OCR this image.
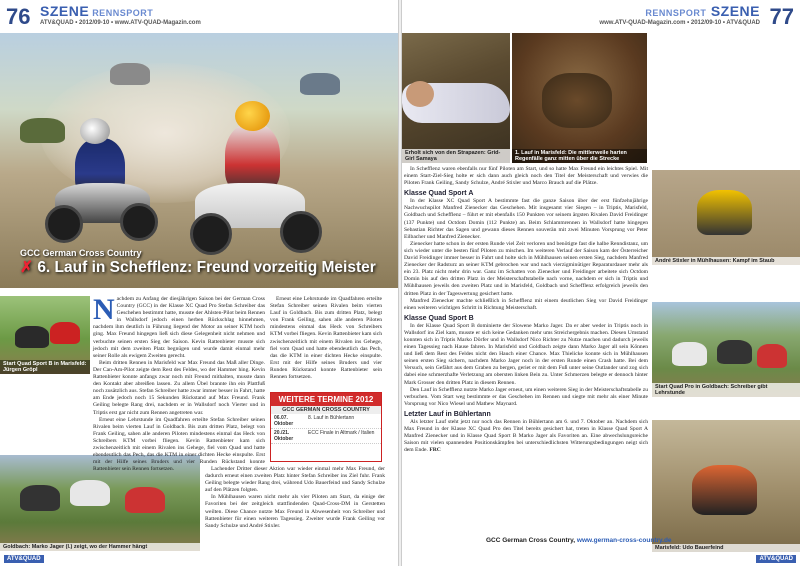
76 SZENE RENNSPORT
ATV&QUAD • 2012/09-10 • www.ATV-QUAD-Magazin.com
GCC German Cross Country
✗ 6. Lauf in Schefflenz: Freund vorzeitig Meister
Start Quad Sport B in Marisfeld: Jürgen Gröpl
Goldbach: Marko Jager (l.) zeigt, wo der Hammer hängt

Nachdem zu Anfang der diesjährigen Saison bei der German Cross Country (GCC) in der Klasse XC Quad Pro Stefan Schreiber das Geschehen bestimmt hatte, musste der Ahlsten-Pilot beim Rennen in Wallsdorf jedoch einen herben Rückschlag hinnehmen, nachdem ihm deutlich in Führung liegend der Motor an seiner KTM hoch ging. Max Freund hingegen ließ sich diese Gelegenheit nicht nehmen und verbuchte seinen ersten Sieg der Saison. Kevin Rattenbieter musste sich jedoch mit dem zweiten Platz begnügen und wurde damit einmal mehr seiner Rolle als ewigem Zweiten gerecht.

Beim dritten Rennen in Marisfeld war Max Freund das Maß aller Dinge. Der Can-Am-Pilot zeigte dem Rest des Feldes, wo der Hammer hing. Kevin Rattenbieter konnte anfangs zwar noch mit Freund mithalten, musste dann den Kontakt aber abreißen lassen. Zu allem Übel brannte ihn ein Plattfuß noch zusätzlich aus. Stefan Schreiber hatte zwar immer besser in Fahrt, hatte am Ende jedoch noch 15 Sekunden Rückstand auf Max Freund. Frank Geiling belegte Rang drei, nachdem er in Wallsdorf noch Vierter und in Triptis erst gar nicht zum Rennen angetreten war.

Erneut eine Lehrstunde im Quadfahren erteilte Stefan Schreiber seinen Rivalen beim vierten Lauf in Goldbach. Bis zum dritten Platz, belegt von Frank Geiling, sahen alle anderen Piloten mindestens einmal das Heck von Schreibers KTM vorbei fliegen. Kevin Rattenbieter kam sich zwischenzeitlich mit einem Rivalen ins Gehege, fiel vom Quad und hatte ebendeutlich das Pech, das die KTM in einer dichten Hecke einspulte. Erst mit der Hilfe seines Bruders und vier Runden Rückstand konnte Rattenbieter sein Rennen fortsetzen.

Erneut eine Lehrstunde im Quadfahren erteilte Stefan Schreiber seinen Rivalen beim vierten Lauf in Goldbach. Bis zum dritten Platz, belegt von Frank Geiling, sahen alle anderen Piloten mindestens einmal das Heck von Schreibers KTM vorbei fliegen. Kevin Rattenbieter kam sich zwischenzeitlich mit einem Rivalen ins Gehege, fiel vom Quad und hatte ebendeutlich das Pech, das die KTM in einer dichten Hecke einspulte. Erst mit der Hilfe seines Bruders und vier Runden Rückstand konnte Rattenbieter sein Rennen fortsetzen.

Lachender Dritter dieser Aktion war wieder einmal mehr Max Freund, der dadurch erneut einen zweiten Platz hinter Stefan Schreiber ins Ziel fuhr. Frank Geiling belegte wieder Rang drei, während Udo Bauerfeind und Sandy Schulze auf den Plätzen folgten.

In Mühlhausen waren nicht mehr als vier Piloten am Start, da einige der Favoriten bei der zeitgleich stattfindenden Quad-Cross-DM in Gerstetten weilten. Diese Chance nutzte Max Freund in Abwesenheit von Schreiber und Rattenbieter für einen weiteren Tagessieg. Zweiter wurde Frank Geiling vor Sandy Schulze und André Stixler.

WEITERE TERMINE 2012
GCC GERMAN CROSS COUNTRY
06.07. Oktober
8. Lauf in Bühlertann
20./21. Oktober
ECC Finale in Altmark / Italien
ATV&QUAD
77
RENNSPORT SZENE
www.ATV-QUAD-Magazin.com • 2012/09-10 • ATV&QUAD
Erholt sich von den Strapazen: Grid-Girl Samaya
1. Lauf in Marisfeld: Die mittlerweile harten Regenfälle ganz mitten über die Strecke
André Stixler in Mühlhausen: Kampf im Staub
Start Quad Pro in Goldbach: Schreiber gibt Lehrstunde
Marisfeld: Udo Bauerfeind

In Schefflenz waren ebenfalls nur fünf Piloten am Start, und so hatte Max Freund ein leichtes Spiel. Mit einem Start-Ziel-Sieg holte er sich dann auch gleich noch den Titel der Meisterschaft und verwies die Piloten Frank Geiling, Sandy Schulze, André Stixler und Marco Brauch auf die Plätze.

Klasse Quad Sport A

In der Klasse XC Quad Sport A bestimmte fast die ganze Saison über der erst fünfzehnjährige Nachwuchspilot Manfred Zienecker das Geschehen. Mit insgesamt vier Siegen – in Triptis, Marisfeld, Goldbach und Schefflenz – führt er mit ebenfalls 150 Punkten vor seinem ärgsten Rivalen David Freidinger (137 Punkte) und Octdom Domin (112 Punkte) an. Beim Schlammrennen in Wallsdorf hatte hingegen Sebastian Richter das Sagen und gewann dieses Rennen souverän mit zwei Minuten Vorsprung vor Peter Eilbacher und Manfred Zienecker.

Zienecker hatte schon in der ersten Runde viel Zeit verloren und benötigte fast die halbe Renndistanz, um sich wieder unter die besten fünf Piloten zu mischen. Im weiteren Verlauf der Saison kam der Österreicher David Freidinger immer besser in Fahrt und holte sich in Mühlhausen seinen ersten Sieg, nachdem Manfred Zienecker der Radsturz an seiner KTM gebrochen war und nach vierzigminütiger Reparaturdauer mehr als ein 23. Platz nicht mehr drin war. Ganz im Schatten von Zienecker und Freidinger arbeitete sich Octdom Domin bis auf den dritten Platz in der Meisterschaftstabelle nach vorne, nachdem er sich in Triptis und Mühlhausen jeweils den zweiten Platz und in Marisfeld, Goldbach und Schefflenz erfolgreich jeweils den dritten Platz in der Tageswertung gesichert hatte.

Manfred Zienecker machte schließlich in Schefflenz mit einem deutlichen Sieg vor David Freidinger einen weiteren wichtigen Schritt in Richtung Meisterschaft.

Klasse Quad Sport B

In der Klasse Quad Sport B dominierte der Slowene Marko Jager. Da er aber weder in Triptis noch in Wallsdorf ins Ziel kam, musste er sich keine Gedanken mehr ums Streichergebnis machen. Diesen Umstand konnten sich in Triptis Marko Dörfer und in Wallsdorf Nico Richter zu Nutze machen und dadurch jeweils einen Tagessieg nach Hause fahren. In Marisfeld und Goldbach zeigte dann Marko Jager all sein Können und ließ dem Rest des Feldes nicht den Hauch einer Chance. Max Thielicke konnte sich in Mühlhausen seinen ersten Sieg sichern, nachdem Marko Jager noch in der ersten Runde einen Crash hatte. Bei dem Versuch, sein Gefährt aus dem Graben zu bergen, geriet er mit dem Fuß unter seine Outlander und zog sich dabei eine schmerzhafte Verletzung am obersten linken Bein zu. Unter Schmerzen belegte er dennoch hinter Mark Grosser den dritten Platz in diesem Rennen.

Den Lauf in Schefflenz nutzte Marko Jager erneut, um einen weiteren Sieg in der Meisterschaftstabelle zu verbuchen. Vom Start weg bestimmte er das Geschehen im Rennen und siegte mit mehr als einer Minute Vorsprung vor Nico Wiesel und Mathew Maynard.

Letzter Lauf in Bühlertann

Als letzter Lauf steht jetzt nur noch das Rennen in Bühlertann am 6. und 7. Oktober an. Nachdem sich Max Freund in der Klasse XC Quad Pro den Titel bereits gesichert hat, treten in Klasse Quad Sport A Manfred Zienecker und in Klasse Quad Sport B Marko Jager als Favoriten an. Eine abwechslungsreiche Saison mit vielen spannenden Positionskämpfen bei unterschiedlichsten Witterungsbedingungen neigt sich dem Ende. FRC

GCC German Cross Country, www.german-cross-country.de
ATV&QUAD
